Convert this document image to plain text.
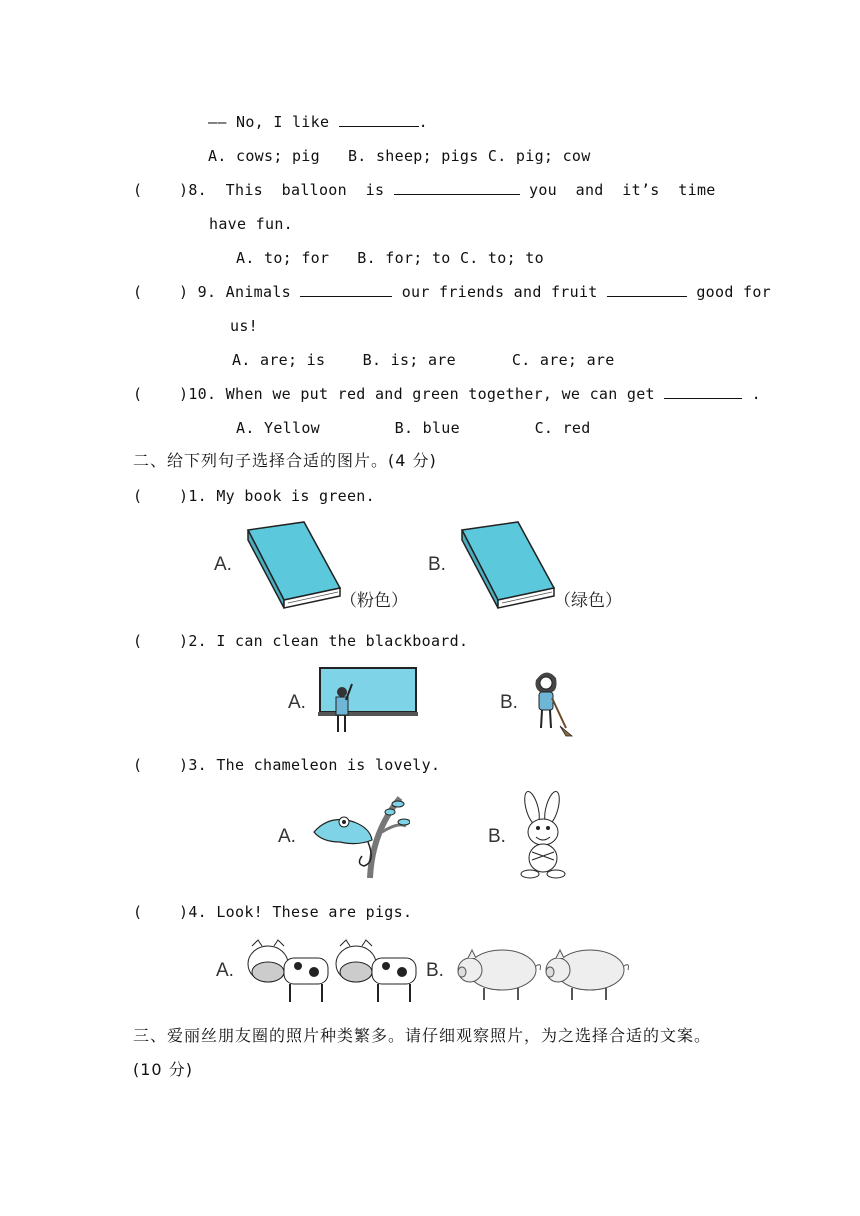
—— No, I like	.
A. cows; pig   B. sheep; pigs C. pig; cow
( )8. This  balloon  is	you  and  it’s  time
have fun.
A. to; for   B. for; to C. to; to
( ) 9. Animals	our friends and fruit	good for
us!
A. are; is    B. is; are      C. are; are
( )10. When we put red and green together, we can get	.
A. Yellow        B. blue        C. red
二、给下列句子选择合适的图片。(4 分)
( )1. My book is green.
A.
（粉色）
B.
（绿色）
( )2. I can clean the blackboard.
A.	B.
( )3. The chameleon is lovely.
A.	B.
( )4. Look! These are pigs.
A.	B.
三、爱丽丝朋友圈的照片种类繁多。请仔细观察照片，为之选择合适的文案。
(10 分)
